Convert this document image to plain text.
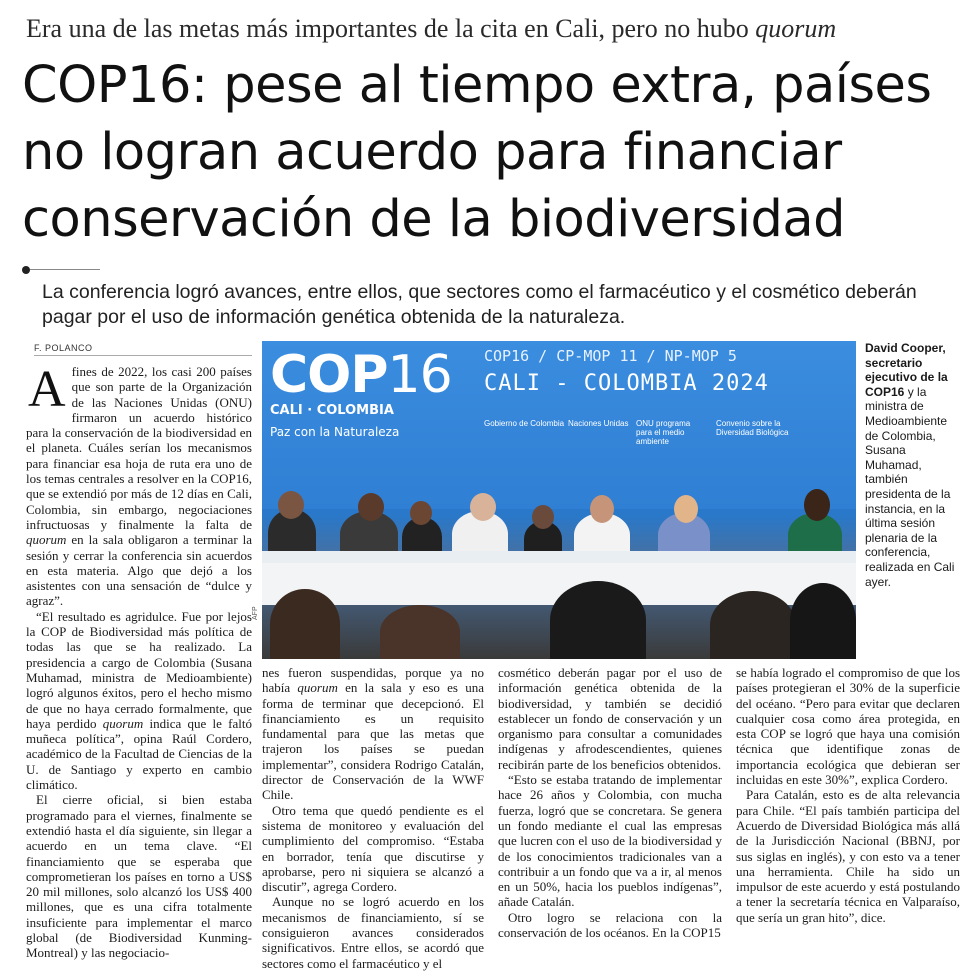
Era una de las metas más importantes de la cita en Cali, pero no hubo quorum
COP16: pese al tiempo extra, países
no logran acuerdo para financiar
conservación de la biodiversidad

La conferencia logró avances, entre ellos, que sectores como el farmacéutico y el cosmético deberán pagar por el uso de información genética obtenida de la naturaleza.

F. POLANCO

A fines de 2022, los casi 200 países que son parte de la Organización de las Naciones Unidas (ONU) firmaron un acuerdo histórico para la conservación de la biodiversidad en el planeta. Cuáles serían los mecanismos para financiar esa hoja de ruta era uno de los temas centrales a resolver en la COP16, que se extendió por más de 12 días en Cali, Colombia, sin embargo, negociaciones infructuosas y finalmente la falta de quorum en la sala obligaron a terminar la sesión y cerrar la conferencia sin acuerdos en esta materia. Algo que dejó a los asistentes con una sensación de “dulce y agraz”.

“El resultado es agridulce. Fue por lejos la COP de Biodiversidad más política de todas las que se ha realizado. La presidencia a cargo de Colombia (Susana Muhamad, ministra de Medioambiente) logró algunos éxitos, pero el hecho mismo de que no haya cerrado formalmente, que haya perdido quorum indica que le faltó muñeca política”, opina Raúl Cordero, académico de la Facultad de Ciencias de la U. de Santiago y experto en cambio climático.

El cierre oficial, si bien estaba programado para el viernes, finalmente se extendió hasta el día siguiente, sin llegar a acuerdo en un tema clave. “El financiamiento que se esperaba que comprometieran los países en torno a US$ 20 mil millones, solo alcanzó los US$ 400 millones, que es una cifra totalmente insuficiente para implementar el marco global (de Biodiversidad Kunming-Montreal) y las negociacio-

COP16
CALI · COLOMBIA
Paz con la Naturaleza
COP16 / CP-MOP 11 / NP-MOP 5
CALI - COLOMBIA 2024
Gobierno de Colombia Naciones Unidas ONU programa para el medio ambiente
Convenio sobre la Diversidad Biológica
AFP
David Cooper, secretario ejecutivo de la COP16 y la ministra de Medioambiente de Colombia, Susana Muhamad, también presidenta de la instancia, en la última sesión plenaria de la conferencia, realizada en Cali ayer.

nes fueron suspendidas, porque ya no había quorum en la sala y eso es una forma de terminar que decepcionó. El financiamiento es un requisito fundamental para que las metas que trajeron los países se puedan implementar”, considera Rodrigo Catalán, director de Conservación de la WWF Chile.

Otro tema que quedó pendiente es el sistema de monitoreo y evaluación del cumplimiento del compromiso. “Estaba en borrador, tenía que discutirse y aprobarse, pero ni siquiera se alcanzó a discutir”, agrega Cordero.

Aunque no se logró acuerdo en los mecanismos de financiamiento, sí se consiguieron avances considerados significativos. Entre ellos, se acordó que sectores como el farmacéutico y el

cosmético deberán pagar por el uso de información genética obtenida de la biodiversidad, y también se decidió establecer un fondo de conservación y un organismo para consultar a comunidades indígenas y afrodescendientes, quienes recibirán parte de los beneficios obtenidos.

“Esto se estaba tratando de implementar hace 26 años y Colombia, con mucha fuerza, logró que se concretara. Se genera un fondo mediante el cual las empresas que lucren con el uso de la biodiversidad y de los conocimientos tradicionales van a contribuir a un fondo que va a ir, al menos en un 50%, hacia los pueblos indígenas”, añade Catalán.

Otro logro se relaciona con la conservación de los océanos. En la COP15

se había logrado el compromiso de que los países protegieran el 30% de la superficie del océano. “Pero para evitar que declaren cualquier cosa como área protegida, en esta COP se logró que haya una comisión técnica que identifique zonas de importancia ecológica que debieran ser incluidas en este 30%”, explica Cordero.

Para Catalán, esto es de alta relevancia para Chile. “El país también participa del Acuerdo de Diversidad Biológica más allá de la Jurisdicción Nacional (BBNJ, por sus siglas en inglés), y con esto va a tener una herramienta. Chile ha sido un impulsor de este acuerdo y está postulando a tener la secretaría técnica en Valparaíso, que sería un gran hito”, dice.
